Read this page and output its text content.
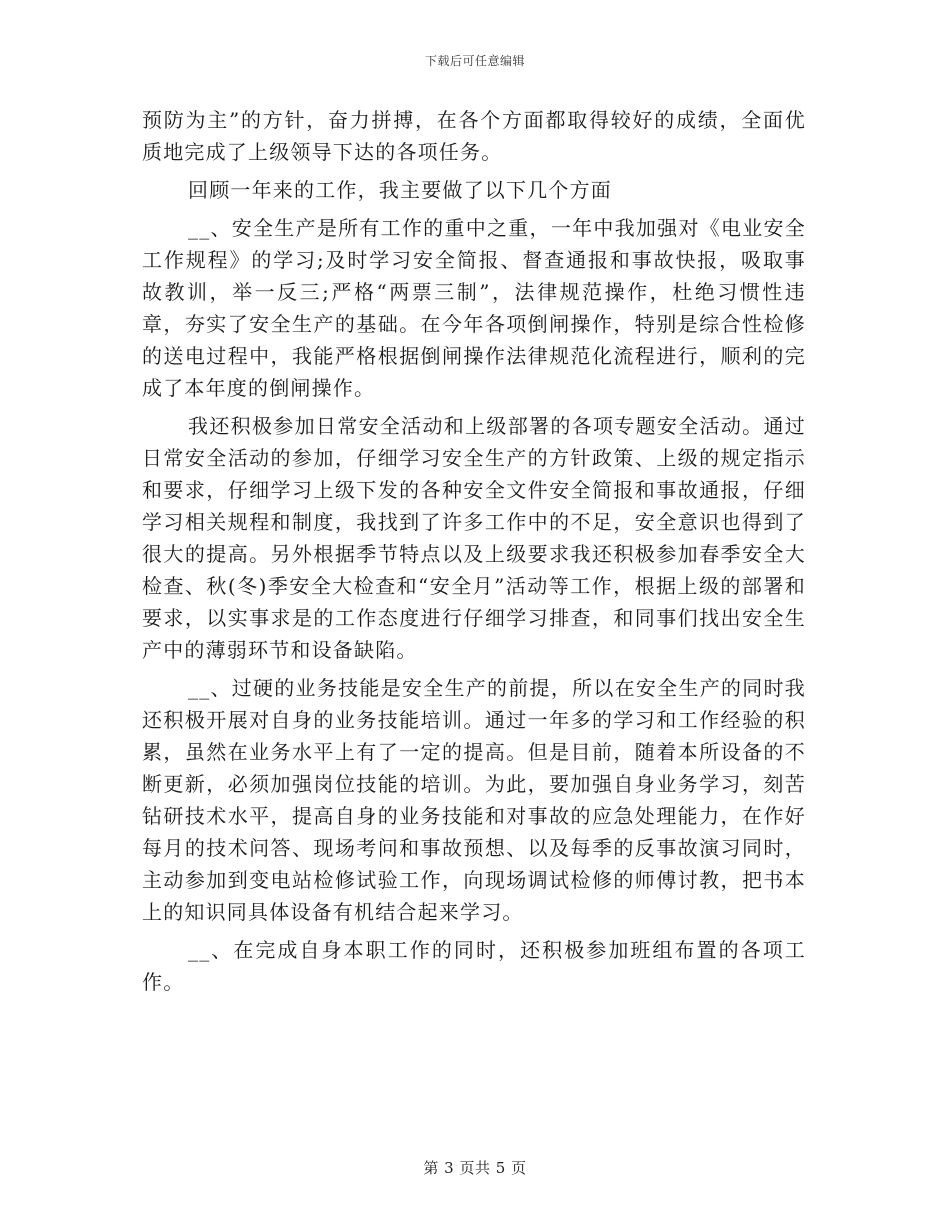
下载后可任意编辑

预防为主”的方针，奋力拼搏，在各个方面都取得较好的成绩，全面优质地完成了上级领导下达的各项任务。

回顾一年来的工作，我主要做了以下几个方面

__、安全生产是所有工作的重中之重，一年中我加强对《电业安全工作规程》的学习;及时学习安全简报、督查通报和事故快报，吸取事故教训，举一反三;严格“两票三制”，法律规范操作，杜绝习惯性违章，夯实了安全生产的基础。在今年各项倒闸操作，特别是综合性检修的送电过程中，我能严格根据倒闸操作法律规范化流程进行，顺利的完成了本年度的倒闸操作。

我还积极参加日常安全活动和上级部署的各项专题安全活动。通过日常安全活动的参加，仔细学习安全生产的方针政策、上级的规定指示和要求，仔细学习上级下发的各种安全文件安全简报和事故通报，仔细学习相关规程和制度，我找到了许多工作中的不足，安全意识也得到了很大的提高。另外根据季节特点以及上级要求我还积极参加春季安全大检查、秋(冬)季安全大检查和“安全月”活动等工作，根据上级的部署和要求，以实事求是的工作态度进行仔细学习排查，和同事们找出安全生产中的薄弱环节和设备缺陷。

__、过硬的业务技能是安全生产的前提，所以在安全生产的同时我还积极开展对自身的业务技能培训。通过一年多的学习和工作经验的积累，虽然在业务水平上有了一定的提高。但是目前，随着本所设备的不断更新，必须加强岗位技能的培训。为此，要加强自身业务学习，刻苦钻研技术水平，提高自身的业务技能和对事故的应急处理能力，在作好每月的技术问答、现场考问和事故预想、以及每季的反事故演习同时，主动参加到变电站检修试验工作，向现场调试检修的师傅讨教，把书本上的知识同具体设备有机结合起来学习。

__、在完成自身本职工作的同时，还积极参加班组布置的各项工作。

第 3 页共 5 页
